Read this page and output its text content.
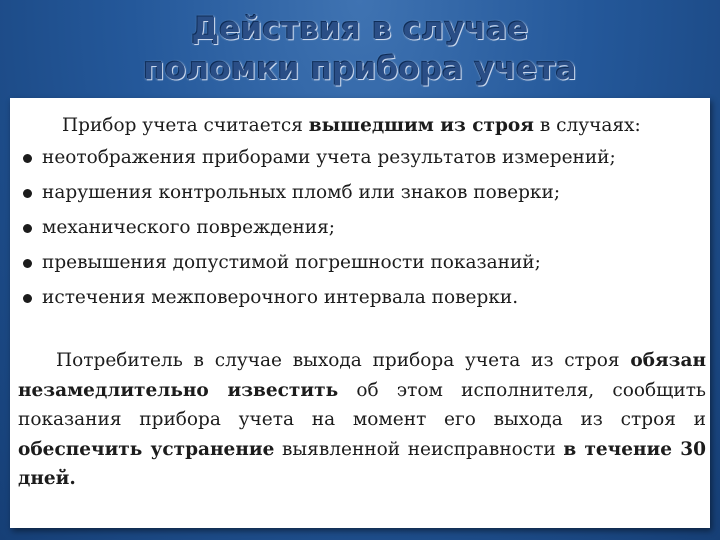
Действия в случае
поломки прибора учета
Прибор учета считается вышедшим из строя в случаях:
неотображения приборами учета результатов измерений;
нарушения контрольных пломб или знаков поверки;
механического повреждения;
превышения допустимой погрешности показаний;
истечения межповерочного интервала поверки.
Потребитель в случае выхода прибора учета из строя обязан незамедлительно известить об этом исполнителя, сообщить показания прибора учета на момент его выхода из строя и обеспечить устранение выявленной неисправности в течение 30 дней.
